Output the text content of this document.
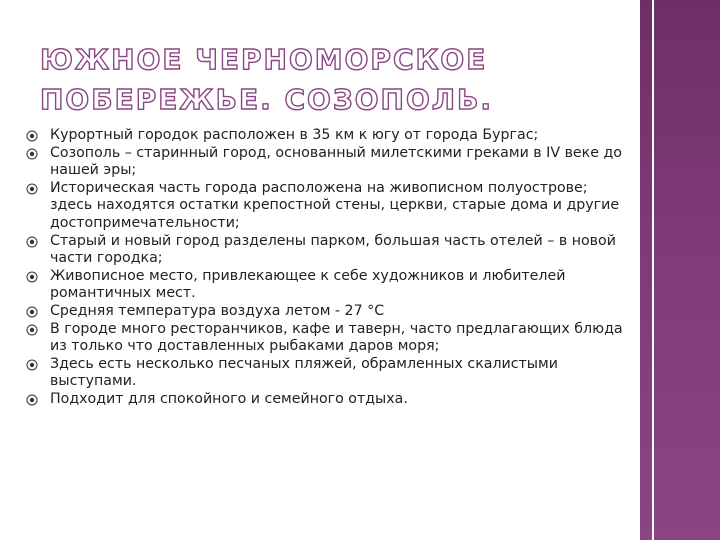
ЮЖНОЕ ЧЕРНОМОРСКОЕ ПОБЕРЕЖЬЕ. СОЗОПОЛЬ.
Курортный городок расположен в 35 км к югу от города Бургас;
Созополь – старинный город, основанный милетскими греками в IV веке до нашей эры;
Историческая часть города расположена на живописном полуострове; здесь находятся остатки крепостной стены, церкви, старые дома и другие достопримечательности;
Старый и новый город разделены парком, большая часть отелей – в новой части городка;
Живописное место, привлекающее к себе художников и любителей романтичных мест.
Средняя температура воздуха летом - 27 °С
В городе много ресторанчиков, кафе и таверн, часто предлагающих блюда из только что доставленных рыбаками даров моря;
Здесь есть несколько песчаных пляжей, обрамленных скалистыми выступами.
Подходит для спокойного и семейного отдыха.
